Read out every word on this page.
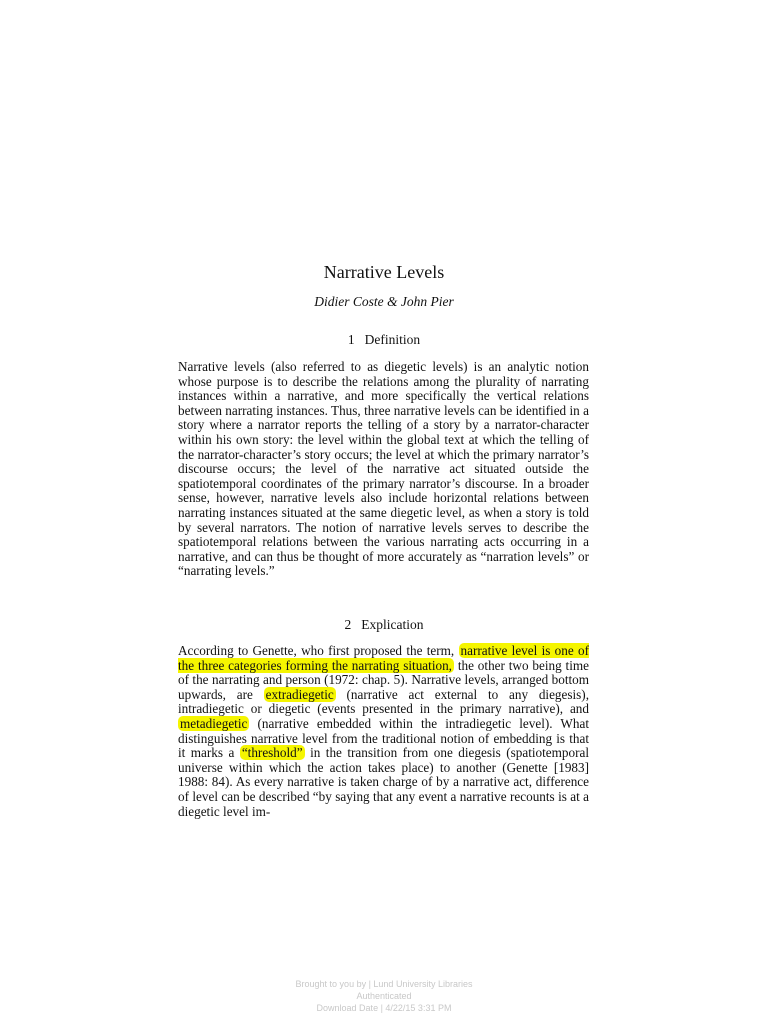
Narrative Levels
Didier Coste & John Pier
1 Definition
Narrative levels (also referred to as diegetic levels) is an analytic notion whose purpose is to describe the relations among the plurality of narrating instances within a narrative, and more specifically the vertical relations between narrating instances. Thus, three narrative levels can be identified in a story where a narrator reports the telling of a story by a narrator-character within his own story: the level within the global text at which the telling of the narrator-character’s story occurs; the level at which the primary narrator’s discourse occurs; the level of the narrative act situated outside the spatiotemporal coordinates of the primary narrator’s discourse. In a broader sense, however, narrative levels also include horizontal relations between narrating instances situated at the same diegetic level, as when a story is told by several narrators. The notion of narrative levels serves to describe the spatiotemporal relations between the various narrating acts occurring in a narrative, and can thus be thought of more accurately as “narration levels” or “narrating levels.”
2 Explication
According to Genette, who first proposed the term, narrative level is one of the three categories forming the narrating situation, the other two being time of the narrating and person (1972: chap. 5). Narrative levels, arranged bottom upwards, are extradiegetic (narrative act external to any diegesis), intradiegetic or diegetic (events presented in the primary narrative), and metadiegetic (narrative embedded within the intradiegetic level). What distinguishes narrative level from the traditional notion of embedding is that it marks a “threshold” in the transition from one diegesis (spatiotemporal universe within which the action takes place) to another (Genette [1983] 1988: 84). As every narrative is taken charge of by a narrative act, difference of level can be described “by saying that any event a narrative recounts is at a diegetic level im-
Brought to you by | Lund University Libraries
Authenticated
Download Date | 4/22/15 3:31 PM
